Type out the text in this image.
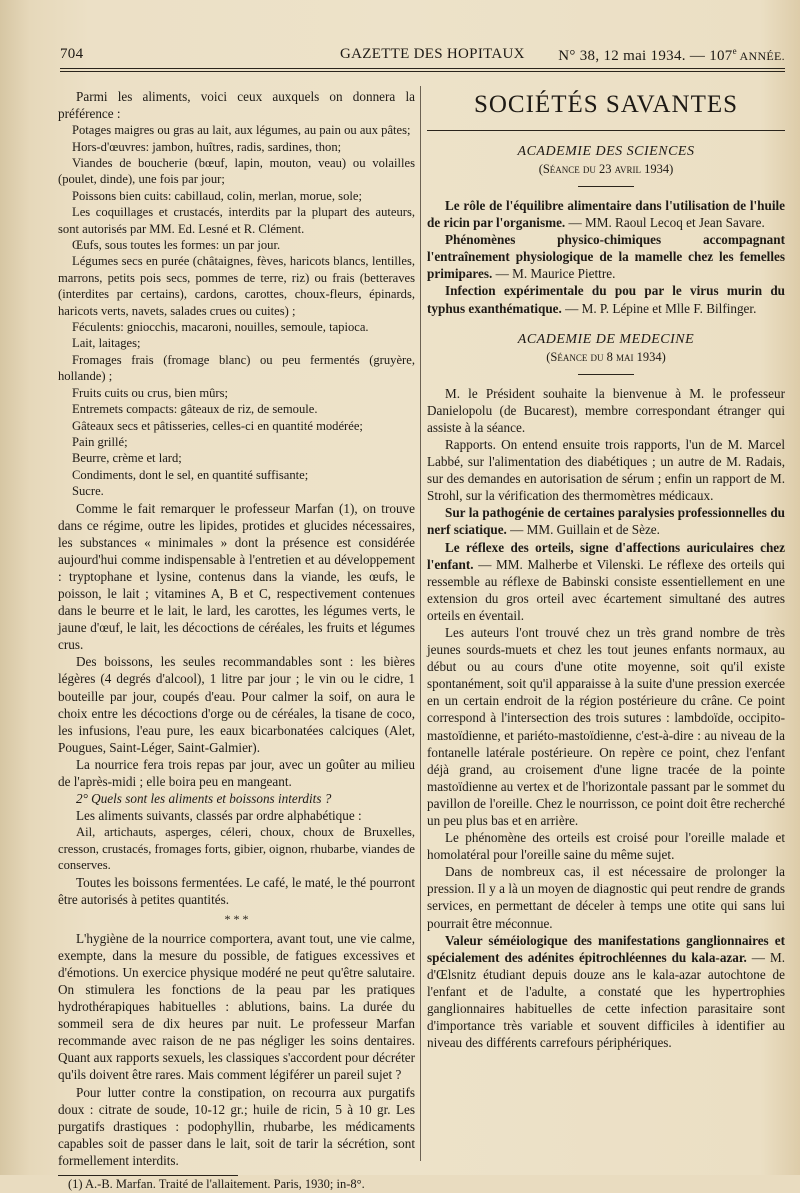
704	GAZETTE DES HOPITAUX N° 38, 12 mai 1934. — 107e ANNÉE.

Parmi les aliments, voici ceux auxquels on donnera la préférence :

Potages maigres ou gras au lait, aux légumes, au pain ou aux pâtes;

Hors-d'œuvres: jambon, huîtres, radis, sardines, thon;

Viandes de boucherie (bœuf, lapin, mouton, veau) ou volailles (poulet, dinde), une fois par jour;

Poissons bien cuits: cabillaud, colin, merlan, morue, sole;

Les coquillages et crustacés, interdits par la plupart des auteurs, sont autorisés par MM. Ed. Lesné et R. Clément.

Œufs, sous toutes les formes: un par jour.

Légumes secs en purée (châtaignes, fèves, haricots blancs, lentilles, marrons, petits pois secs, pommes de terre, riz) ou frais (betteraves (interdites par certains), cardons, carottes, choux-fleurs, épinards, haricots verts, navets, salades crues ou cuites) ;

Féculents: gniocchis, macaroni, nouilles, semoule, tapioca.

Lait, laitages;

Fromages frais (fromage blanc) ou peu fermentés (gruyère, hollande) ;

Fruits cuits ou crus, bien mûrs;

Entremets compacts: gâteaux de riz, de semoule.

Gâteaux secs et pâtisseries, celles-ci en quantité modérée;

Pain grillé;

Beurre, crème et lard;

Condiments, dont le sel, en quantité suffisante;

Sucre.

Comme le fait remarquer le professeur Marfan (1), on trouve dans ce régime, outre les lipides, protides et glucides nécessaires, les substances « minimales » dont la présence est considérée aujourd'hui comme indispensable à l'entretien et au développement : tryptophane et lysine, contenus dans la viande, les œufs, le poisson, le lait ; vitamines A, B et C, respectivement contenues dans le beurre et le lait, le lard, les carottes, les légumes verts, le jaune d'œuf, le lait, les décoctions de céréales, les fruits et légumes crus.

Des boissons, les seules recommandables sont : les bières légères (4 degrés d'alcool), 1 litre par jour ; le vin ou le cidre, 1 bouteille par jour, coupés d'eau. Pour calmer la soif, on aura le choix entre les décoctions d'orge ou de céréales, la tisane de coco, les infusions, l'eau pure, les eaux bicarbonatées calciques (Alet, Pougues, Saint-Léger, Saint-Galmier).

La nourrice fera trois repas par jour, avec un goûter au milieu de l'après-midi ; elle boira peu en mangeant.

2° Quels sont les aliments et boissons interdits ?

Les aliments suivants, classés par ordre alphabétique :

Ail, artichauts, asperges, céleri, choux, choux de Bruxelles, cresson, crustacés, fromages forts, gibier, oignon, rhubarbe, viandes de conserves.

Toutes les boissons fermentées. Le café, le maté, le thé pourront être autorisés à petites quantités.

* * *

L'hygiène de la nourrice comportera, avant tout, une vie calme, exempte, dans la mesure du possible, de fatigues excessives et d'émotions. Un exercice physique modéré ne peut qu'être salutaire. On stimulera les fonctions de la peau par les pratiques hydrothérapiques habituelles : ablutions, bains. La durée du sommeil sera de dix heures par nuit. Le professeur Marfan recommande avec raison de ne pas négliger les soins dentaires. Quant aux rapports sexuels, les classiques s'accordent pour décréter qu'ils doivent être rares. Mais comment légiférer un pareil sujet ?

Pour lutter contre la constipation, on recourra aux purgatifs doux : citrate de soude, 10-12 gr.; huile de ricin, 5 à 10 gr. Les purgatifs drastiques : podophyllin, rhubarbe, les médicaments capables soit de passer dans le lait, soit de tarir la sécrétion, sont formellement interdits.

(1) A.-B. Marfan. Traité de l'allaitement. Paris, 1930; in-8°.

SOCIÉTÉS SAVANTES
ACADEMIE DES SCIENCES
(Séance du 23 avril 1934)

Le rôle de l'équilibre alimentaire dans l'utilisation de l'huile de ricin par l'organisme. — MM. Raoul Lecoq et Jean Savare.

Phénomènes physico-chimiques accompagnant l'entraînement physiologique de la mamelle chez les femelles primipares. — M. Maurice Piettre.

Infection expérimentale du pou par le virus murin du typhus exanthématique. — M. P. Lépine et Mlle F. Bilfinger.

ACADEMIE DE MEDECINE
(Séance du 8 mai 1934)

M. le Président souhaite la bienvenue à M. le professeur Danielopolu (de Bucarest), membre correspondant étranger qui assiste à la séance.

Rapports. On entend ensuite trois rapports, l'un de M. Marcel Labbé, sur l'alimentation des diabétiques ; un autre de M. Radais, sur des demandes en autorisation de sérum ; enfin un rapport de M. Strohl, sur la vérification des thermomètres médicaux.

Sur la pathogénie de certaines paralysies professionnelles du nerf sciatique. — MM. Guillain et de Sèze.

Le réflexe des orteils, signe d'affections auriculaires chez l'enfant. — MM. Malherbe et Vilenski. Le réflexe des orteils qui ressemble au réflexe de Babinski consiste essentiellement en une extension du gros orteil avec écartement simultané des autres orteils en éventail.

Les auteurs l'ont trouvé chez un très grand nombre de très jeunes sourds-muets et chez les tout jeunes enfants normaux, au début ou au cours d'une otite moyenne, soit qu'il existe spontanément, soit qu'il apparaisse à la suite d'une pression exercée en un certain endroit de la région postérieure du crâne. Ce point correspond à l'intersection des trois sutures : lambdoïde, occipito-mastoïdienne, et pariéto-mastoïdienne, c'est-à-dire : au niveau de la fontanelle latérale postérieure. On repère ce point, chez l'enfant déjà grand, au croisement d'une ligne tracée de la pointe mastoïdienne au vertex et de l'horizontale passant par le sommet du pavillon de l'oreille. Chez le nourrisson, ce point doit être recherché un peu plus bas et en arrière.

Le phénomène des orteils est croisé pour l'oreille malade et homolatéral pour l'oreille saine du même sujet.

Dans de nombreux cas, il est nécessaire de prolonger la pression. Il y a là un moyen de diagnostic qui peut rendre de grands services, en permettant de déceler à temps une otite qui sans lui pourrait être méconnue.

Valeur séméiologique des manifestations ganglionnaires et spécialement des adénites épitrochléennes du kala-azar. — M. d'Œlsnitz étudiant depuis douze ans le kala-azar autochtone de l'enfant et de l'adulte, a constaté que les hypertrophies ganglionnaires habituelles de cette infection parasitaire sont d'importance très variable et souvent difficiles à identifier au niveau des différents carrefours périphériques.
